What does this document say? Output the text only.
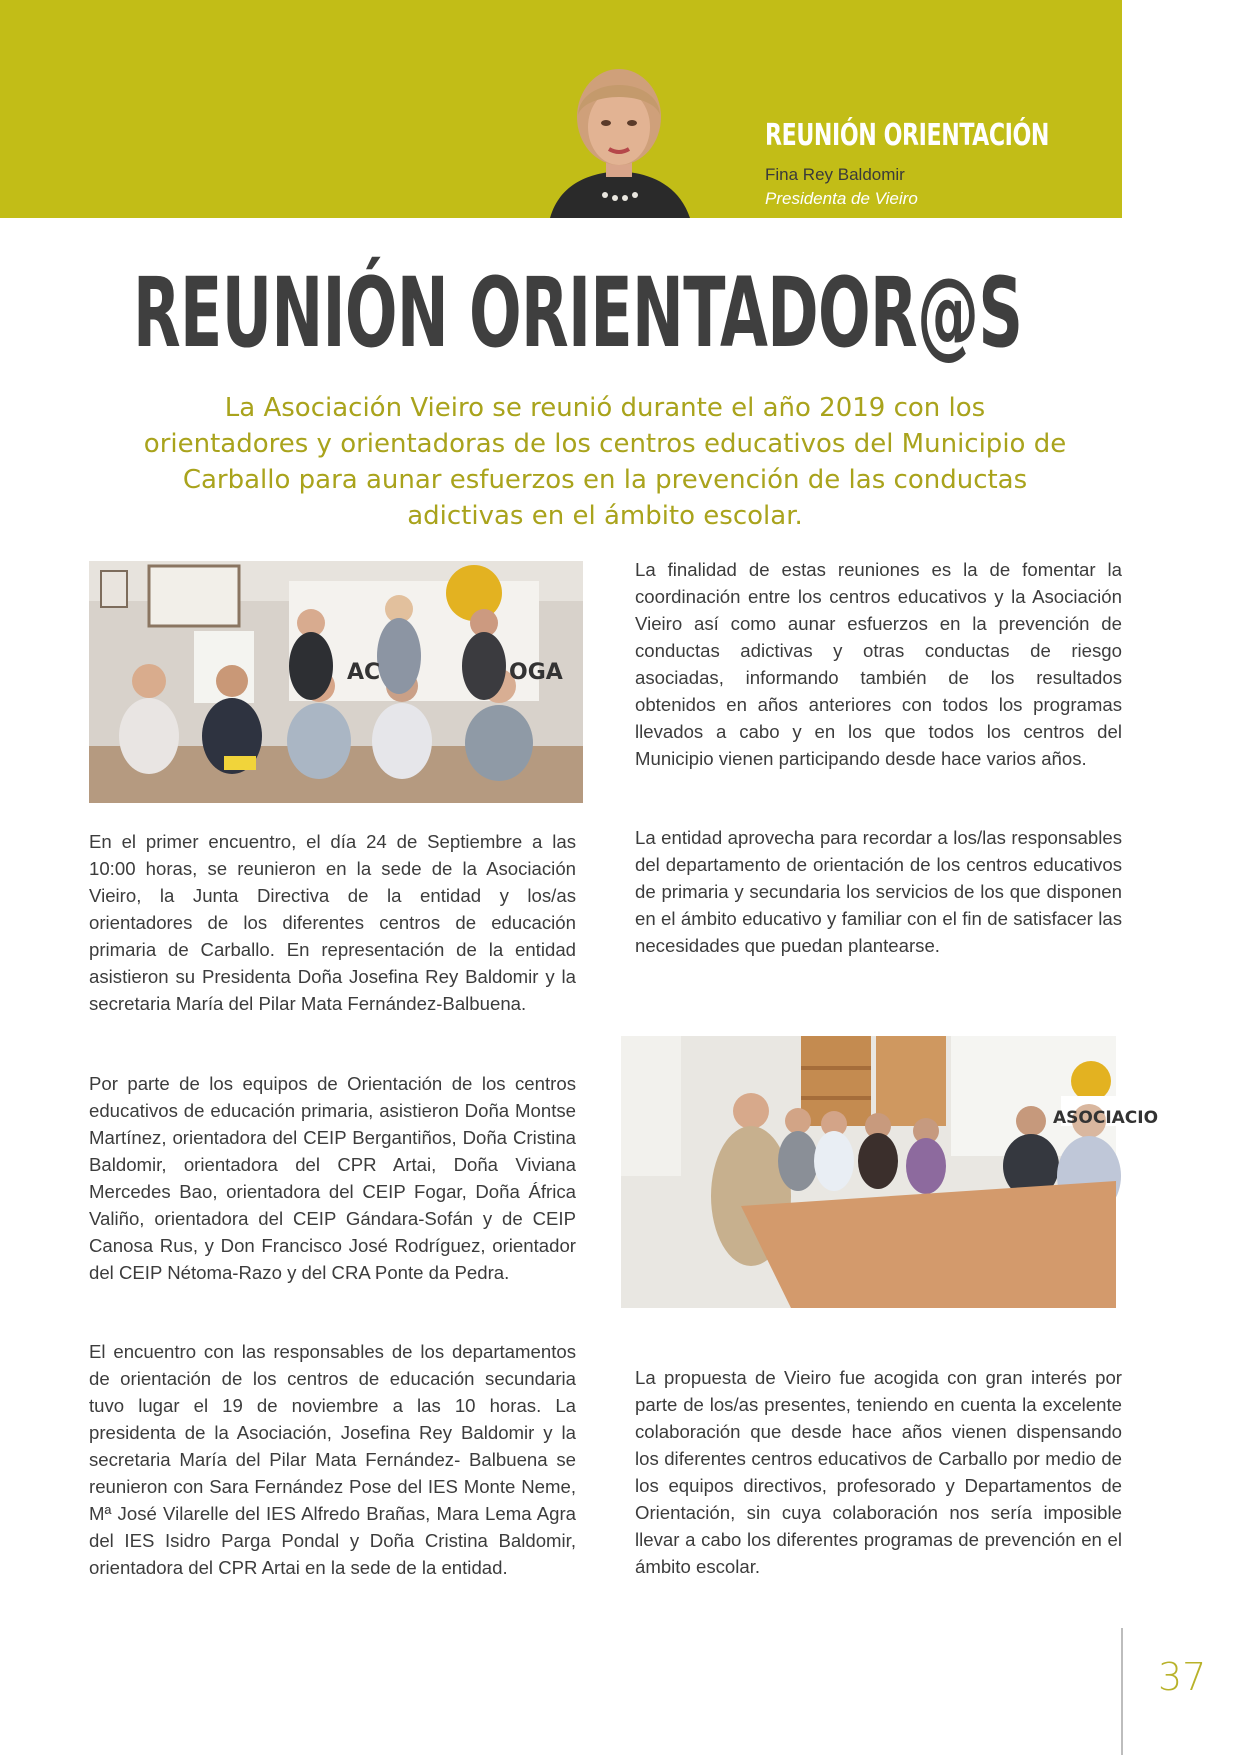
REUNIÓN ORIENTACIÓN
Fina Rey Baldomir
Presidenta de Vieiro
REUNIÓN ORIENTADOR@S

La Asociación Vieiro se reunió durante el año 2019 con los orientadores y orientadoras de los centros educativos del Municipio de Carballo para aunar esfuerzos en la prevención de las conductas adictivas en el ámbito escolar.

AC	OGA
ASOCIACIO

En el primer encuentro, el día 24 de Septiembre a las 10:00 horas, se reunieron en la sede de la Asociación Vieiro, la Junta Directiva de la entidad y los/as orientadores de los diferentes centros de educación primaria de Carballo. En representación de la entidad asistieron su Presidenta Doña Josefina Rey Baldomir y la secretaria María del Pilar Mata Fernández-Balbuena.

Por parte de los equipos de Orientación de los centros educativos de educación primaria, asistieron Doña Montse Martínez, orientadora del CEIP Bergantiños, Doña Cristina Baldomir, orientadora del CPR Artai, Doña Viviana Mercedes Bao, orientadora del CEIP Fogar, Doña África Valiño, orientadora del CEIP Gándara-Sofán y de CEIP Canosa Rus, y Don Francisco José Rodríguez, orientador del CEIP Nétoma-Razo y del CRA Ponte da Pedra.

El encuentro con las responsables de los departamentos de orientación de los centros de educación secundaria tuvo lugar el 19 de noviembre a las 10 horas. La presidenta de la Asociación, Josefina Rey Baldomir y la secretaria María del Pilar Mata Fernández- Balbuena se reunieron con Sara Fernández Pose del IES Monte Neme, Mª José Vilarelle del IES Alfredo Brañas, Mara Lema Agra del IES Isidro Parga Pondal y Doña Cristina Baldomir, orientadora del CPR Artai en la sede de la entidad.

La finalidad de estas reuniones es la de fomentar la coordinación entre los centros educativos y la Asociación Vieiro así como aunar esfuerzos en la prevención de conductas adictivas y otras conductas de riesgo asociadas, informando también de los resultados obtenidos en años anteriores con todos los programas llevados a cabo y en los que todos los centros del Municipio vienen participando desde hace varios años.

La entidad aprovecha para recordar a los/las responsables del departamento de orientación de los centros educativos de primaria y secundaria los servicios de los que disponen en el ámbito educativo y familiar con el fin de satisfacer las necesidades que puedan plantearse.

La propuesta de Vieiro fue acogida con gran interés por parte de los/as presentes, teniendo en cuenta la excelente colaboración que desde hace años vienen dispensando los diferentes centros educativos de Carballo por medio de los equipos directivos, profesorado y Departamentos de Orientación, sin cuya colaboración nos sería imposible llevar a cabo los diferentes programas de prevención en el ámbito escolar.

37
